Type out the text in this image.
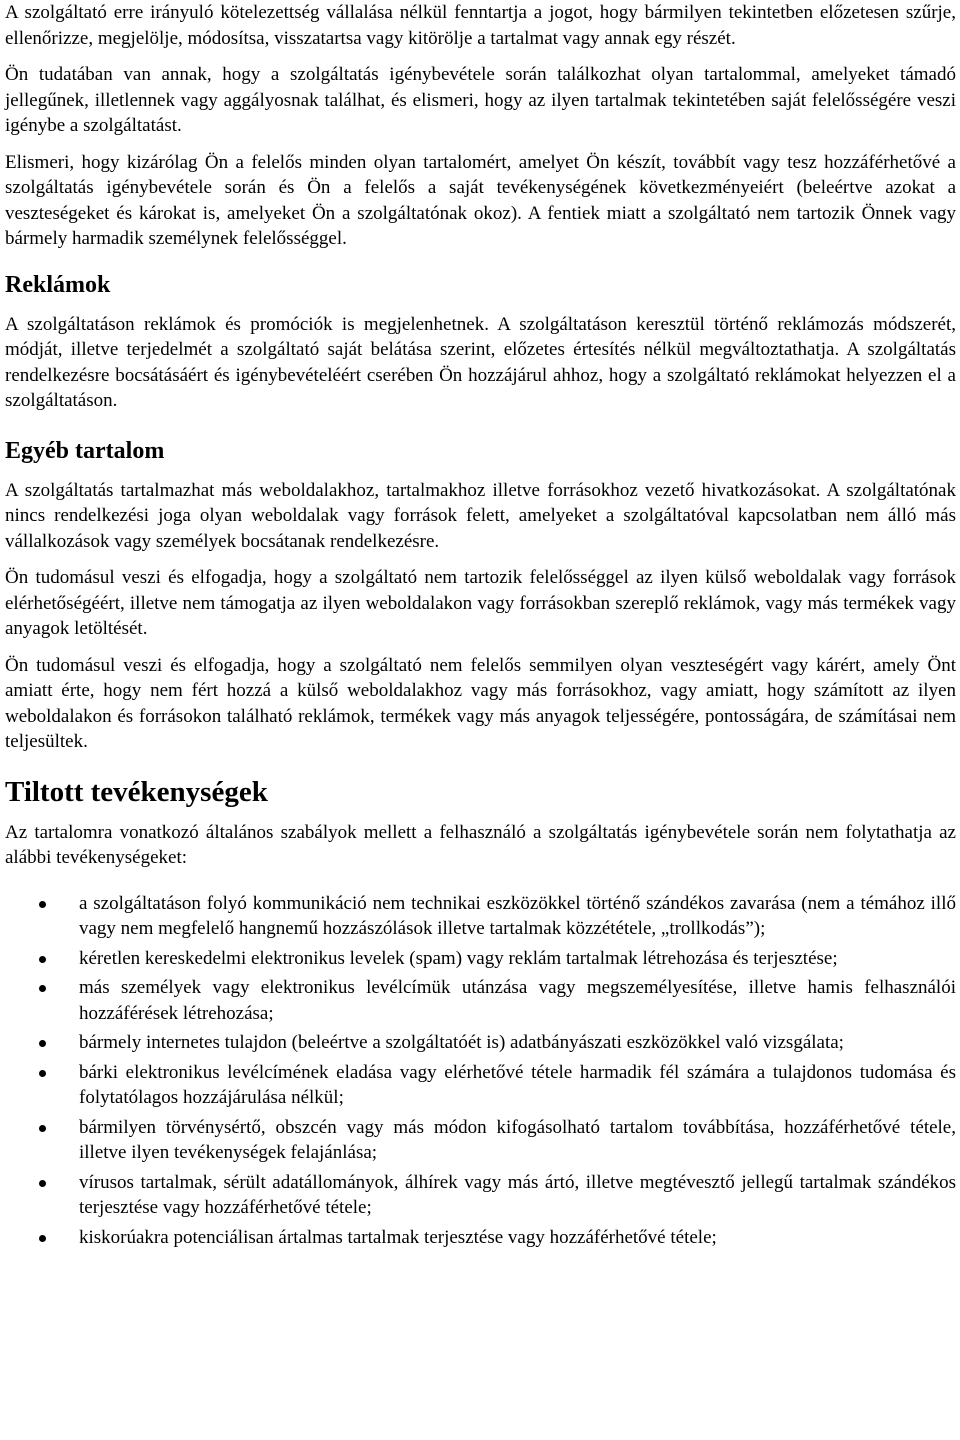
A szolgáltató erre irányuló kötelezettség vállalása nélkül fenntartja a jogot, hogy bármilyen tekintetben előzetesen szűrje, ellenőrizze, megjelölje, módosítsa, visszatartsa vagy kitörölje a tartalmat vagy annak egy részét.

Ön tudatában van annak, hogy a szolgáltatás igénybevétele során találkozhat olyan tartalommal, amelyeket támadó jellegűnek, illetlennek vagy aggályosnak találhat, és elismeri, hogy az ilyen tartalmak tekintetében saját felelősségére veszi igénybe a szolgáltatást.

Elismeri, hogy kizárólag Ön a felelős minden olyan tartalomért, amelyet Ön készít, továbbít vagy tesz hozzáférhetővé a szolgáltatás igénybevétele során és Ön a felelős a saját tevékenységének következményeiért (beleértve azokat a veszteségeket és károkat is, amelyeket Ön a szolgáltatónak okoz). A fentiek miatt a szolgáltató nem tartozik Önnek vagy bármely harmadik személynek felelősséggel.

Reklámok

A szolgáltatáson reklámok és promóciók is megjelenhetnek. A szolgáltatáson keresztül történő reklámozás módszerét, módját, illetve terjedelmét a szolgáltató saját belátása szerint, előzetes értesítés nélkül megváltoztathatja. A szolgáltatás rendelkezésre bocsátásáért és igénybevételéért cserében Ön hozzájárul ahhoz, hogy a szolgáltató reklámokat helyezzen el a szolgáltatáson.

Egyéb tartalom

A szolgáltatás tartalmazhat más weboldalakhoz, tartalmakhoz illetve forrásokhoz vezető hivatkozásokat. A szolgáltatónak nincs rendelkezési joga olyan weboldalak vagy források felett, amelyeket a szolgáltatóval kapcsolatban nem álló más vállalkozások vagy személyek bocsátanak rendelkezésre.

Ön tudomásul veszi és elfogadja, hogy a szolgáltató nem tartozik felelősséggel az ilyen külső weboldalak vagy források elérhetőségéért, illetve nem támogatja az ilyen weboldalakon vagy forrásokban szereplő reklámok, vagy más termékek vagy anyagok letöltését.

Ön tudomásul veszi és elfogadja, hogy a szolgáltató nem felelős semmilyen olyan veszteségért vagy kárért, amely Önt amiatt érte, hogy nem fért hozzá a külső weboldalakhoz vagy más forrásokhoz, vagy amiatt, hogy számított az ilyen weboldalakon és forrásokon található reklámok, termékek vagy más anyagok teljességére, pontosságára, de számításai nem teljesültek.

Tiltott tevékenységek

Az tartalomra vonatkozó általános szabályok mellett a felhasználó a szolgáltatás igénybevétele során nem folytathatja az alábbi tevékenységeket:

a szolgáltatáson folyó kommunikáció nem technikai eszközökkel történő szándékos zavarása (nem a témához illő vagy nem megfelelő hangnemű hozzászólások illetve tartalmak közzététele, „trollkodás”);
kéretlen kereskedelmi elektronikus levelek (spam) vagy reklám tartalmak létrehozása és terjesztése;
más személyek vagy elektronikus levélcímük utánzása vagy megszemélyesítése, illetve hamis felhasználói hozzáférések létrehozása;
bármely internetes tulajdon (beleértve a szolgáltatóét is) adatbányászati eszközökkel való vizsgálata;
bárki elektronikus levélcímének eladása vagy elérhetővé tétele harmadik fél számára a tulajdonos tudomása és folytatólagos hozzájárulása nélkül;
bármilyen törvénysértő, obszcén vagy más módon kifogásolható tartalom továbbítása, hozzáférhetővé tétele, illetve ilyen tevékenységek felajánlása;
vírusos tartalmak, sérült adatállományok, álhírek vagy más ártó, illetve megtévesztő jellegű tartalmak szándékos terjesztése vagy hozzáférhetővé tétele;
kiskorúakra potenciálisan ártalmas tartalmak terjesztése vagy hozzáférhetővé tétele;
